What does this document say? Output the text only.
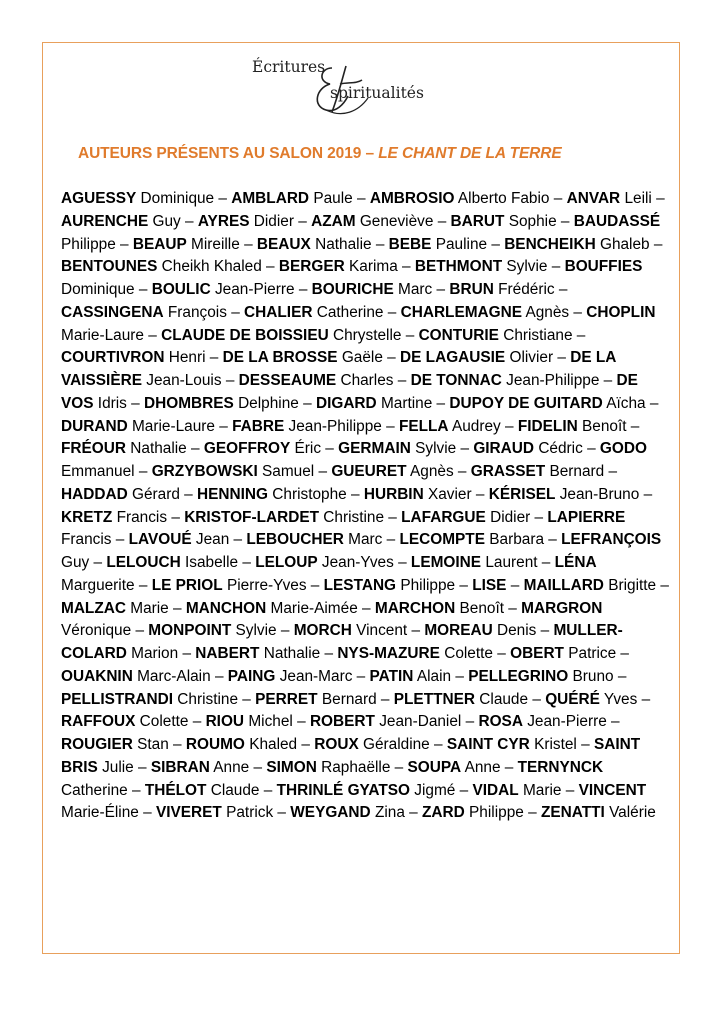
Écritures
spiritualités
AUTEURS PRÉSENTS AU SALON 2019 – LE CHANT DE LA TERRE

AGUESSY Dominique – AMBLARD Paule – AMBROSIO Alberto Fabio – ANVAR Leili – AURENCHE Guy – AYRES Didier – AZAM Geneviève – BARUT Sophie – BAUDASSÉ Philippe – BEAUP Mireille – BEAUX Nathalie – BEBE Pauline – BENCHEIKH Ghaleb – BENTOUNES Cheikh Khaled – BERGER Karima – BETHMONT Sylvie – BOUFFIES Dominique – BOULIC Jean-Pierre – BOURICHE Marc – BRUN Frédéric – CASSINGENA François – CHALIER Catherine – CHARLEMAGNE Agnès – CHOPLIN Marie-Laure – CLAUDE DE BOISSIEU Chrystelle – CONTURIE Christiane – COURTIVRON Henri – DE LA BROSSE Gaële – DE LAGAUSIE Olivier – DE LA VAISSIÈRE Jean-Louis – DESSEAUME Charles – DE TONNAC Jean-Philippe – DE VOS Idris – DHOMBRES Delphine – DIGARD Martine – DUPOY DE GUITARD Aïcha – DURAND Marie-Laure – FABRE Jean-Philippe – FELLA Audrey – FIDELIN Benoît – FRÉOUR Nathalie – GEOFFROY Éric – GERMAIN Sylvie – GIRAUD Cédric – GODO Emmanuel – GRZYBOWSKI Samuel – GUEURET Agnès – GRASSET Bernard – HADDAD Gérard – HENNING Christophe – HURBIN Xavier – KÉRISEL Jean-Bruno – KRETZ Francis – KRISTOF-LARDET Christine – LAFARGUE Didier – LAPIERRE Francis – LAVOUÉ Jean – LEBOUCHER Marc – LECOMPTE Barbara – LEFRANÇOIS Guy – LELOUCH Isabelle – LELOUP Jean-Yves – LEMOINE Laurent – LÉNA Marguerite – LE PRIOL Pierre-Yves – LESTANG Philippe – LISE – MAILLARD Brigitte – MALZAC Marie – MANCHON Marie-Aimée – MARCHON Benoît – MARGRON Véronique – MONPOINT Sylvie – MORCH Vincent – MOREAU Denis – MULLER-COLARD Marion – NABERT Nathalie – NYS-MAZURE Colette – OBERT Patrice – OUAKNIN Marc-Alain – PAING Jean-Marc – PATIN Alain – PELLEGRINO Bruno – PELLISTRANDI Christine – PERRET Bernard – PLETTNER Claude – QUÉRÉ Yves – RAFFOUX Colette – RIOU Michel – ROBERT Jean-Daniel – ROSA Jean-Pierre – ROUGIER Stan – ROUMO Khaled – ROUX Géraldine – SAINT CYR Kristel – SAINT BRIS Julie – SIBRAN Anne – SIMON Raphaëlle – SOUPA Anne – TERNYNCK Catherine – THÉLOT Claude – THRINLÉ GYATSO Jigmé – VIDAL Marie – VINCENT Marie-Éline – VIVERET Patrick – WEYGAND Zina – ZARD Philippe – ZENATTI Valérie
